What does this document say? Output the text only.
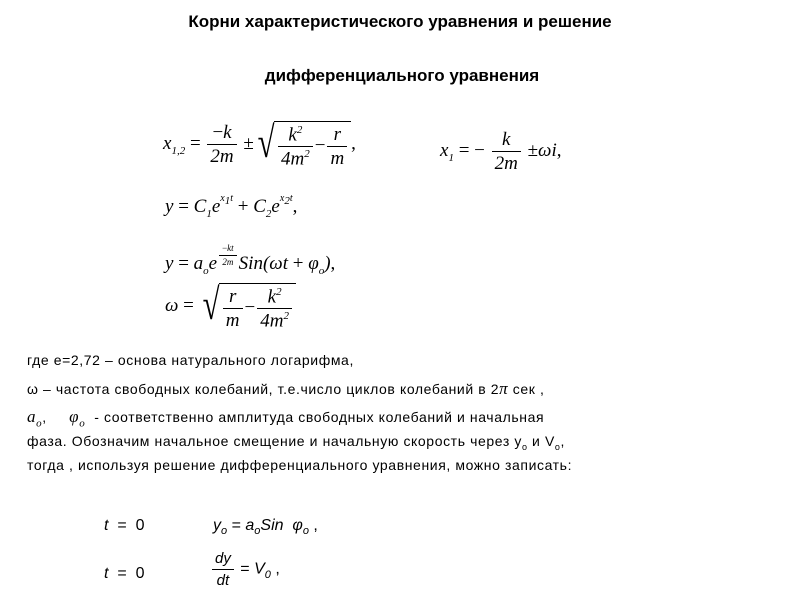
Корни характеристического уравнения и решение
дифференциального уравнения
$x_{1,2} = \frac{-k}{2m}$ ± √ $\frac{k^2}{4m^2} - \frac{r}{m}$ ,	$x_1$ = − $\frac{k}{2m} \pm\omega i$,
$y = C_1e^{x_1t} + C_2e^{x_2t}$,
$y = a_oe$ $^{\frac{-kt}{2m}}$ $Sin(\omega t + \varphi_o)$,
ω = √ $\frac{r}{m} - \frac{k^2}{4m^2}$
где е=2,72 – основа натурального логарифма,
ω – частота свободных колебаний, т.е.число циклов колебаний в 2π сек ,
$a_o$, $\varphi_o$ - соответственно амплитуда свободных колебаний и начальная
фаза. Обозначим начальное смещение и начальную скорость через $y_o$ и $V_o$,
тогда , используя решение дифференциального уравнения, можно записать:
t = 0	$y_o = a_oSin$  $\varphi_o$ ,
t = 0	$\frac{dy}{dt} = V_0$ ,
